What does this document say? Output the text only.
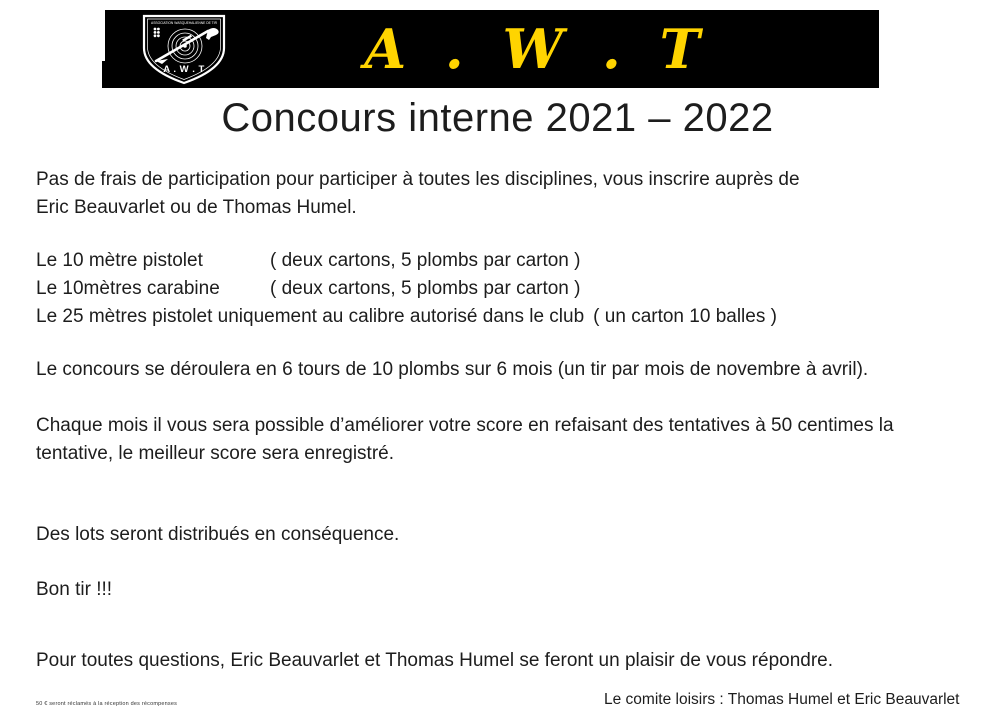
ASSOCIATION WASQUEHALIENNE DE TIR
A . W . T	A . W . T
Concours interne 2021 – 2022
Pas de frais de participation pour participer à toutes les disciplines, vous inscrire auprès de
Eric Beauvarlet ou de Thomas Humel.
Le 10 mètre pistolet	( deux cartons, 5 plombs par carton )
Le 10mètres carabine	( deux cartons, 5 plombs par carton )
Le 25 mètres pistolet uniquement au calibre autorisé dans le club ( un carton 10 balles )
Le concours se déroulera en 6 tours de 10 plombs sur 6 mois (un tir par mois de novembre à avril).
Chaque mois il vous sera possible d’améliorer votre score en refaisant des tentatives à 50 centimes la
tentative, le meilleur score sera enregistré.
Des lots seront distribués en conséquence.
Bon tir !!!
Pour toutes questions, Eric Beauvarlet et Thomas Humel se feront un plaisir de vous répondre.
50 € seront réclamés à la réception des récompenses	Le comite loisirs : Thomas Humel et Eric Beauvarlet
